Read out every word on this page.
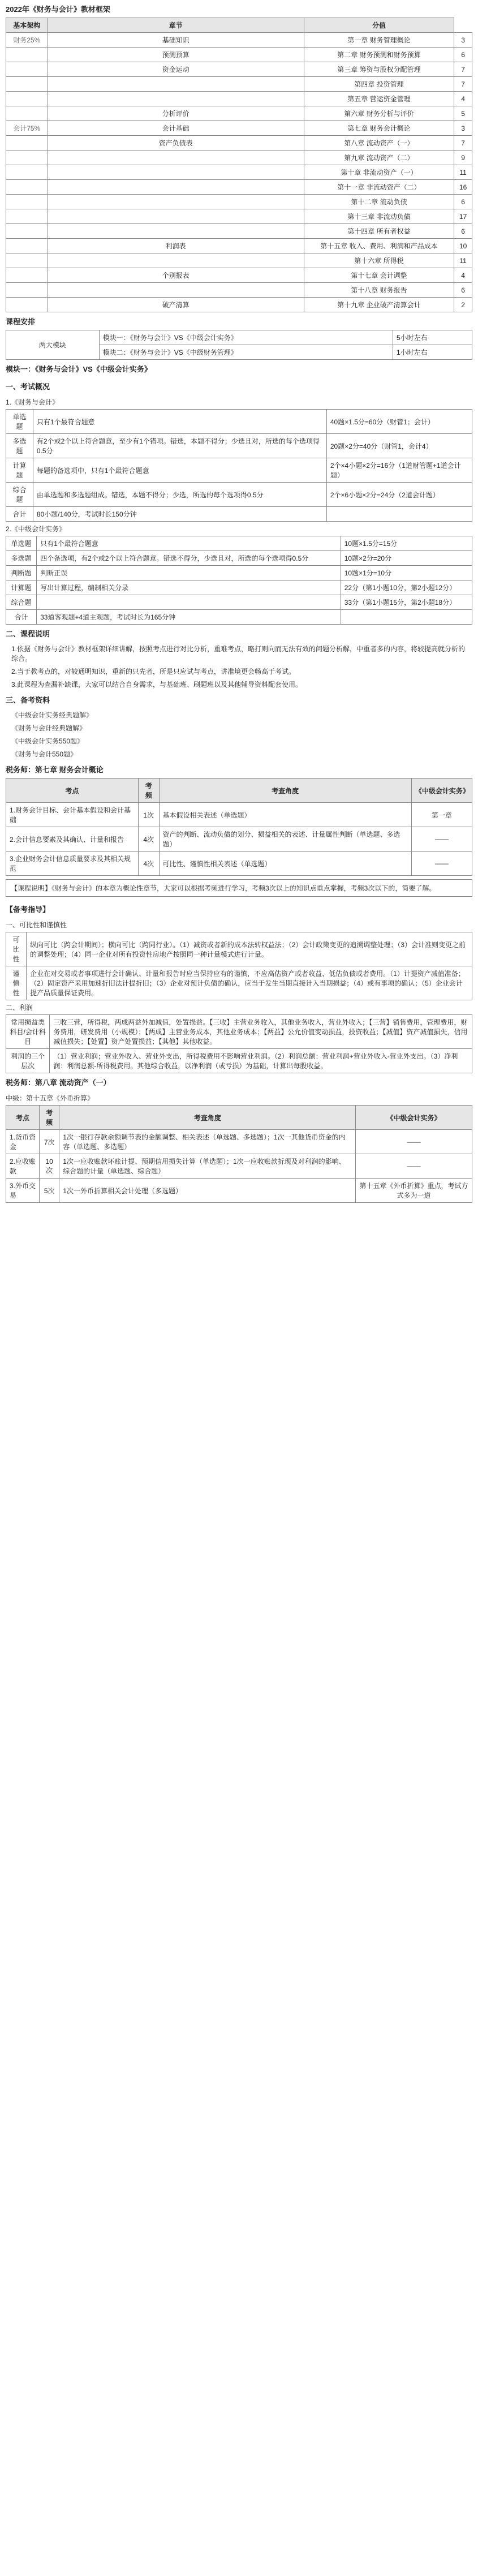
2022年《财务与会计》教材框架
基本架构	章节	分值	
财务25%	基础知识	第一章 财务管理概论	3
	预测预算	第二章 财务预测和财务预算	6
	资金运动	第三章 筹资与股权分配管理	7
		第四章 投资管理	7
		第五章 营运资金管理	4
	分析评价	第六章 财务分析与评价	5
会计75%	会计基础	第七章 财务会计概论	3
	资产负债表	第八章 流动资产（一）	7
		第九章 流动资产（二）	9
		第十章 非流动资产（一）	11
		第十一章 非流动资产（二）	16
		第十二章 流动负债	6
		第十三章 非流动负债	17
		第十四章 所有者权益	6
	利润表	第十五章 收入、费用、利润和产品成本	10
		第十六章 所得税	11
	个别报表	第十七章 会计调整	4
		第十八章 财务报告	6
	破产清算	第十九章 企业破产清算会计	2
课程安排
两大模块	模块一：《财务与会计》VS《中级会计实务》	5小时左右
	模块二：《财务与会计》VS《中级财务管理》	1小时左右
模块一：《财务与会计》VS《中级会计实务》
一、考试概况
1.《财务与会计》
单选题	只有1个最符合题意	40题×1.5分=60分（财管1；会计）
多选题	有2个或2个以上符合题意，至少有1个错项。错选，本题不得分；少选且对，所选的每个选项得0.5分	20题×2分=40分（财管1，会计4）
计算题	每题的备选项中，只有1个最符合题意	2个×4小题×2分=16分（1道财管题+1道会计题）
综合题	由单选题和多选题组成。错选，本题不得分；少选，所选的每个选项得0.5分	2个×6小题×2分=24分（2道会计题）
合计	80小题/140分，考试时长150分钟	
2.《中级会计实务》
单选题	只有1个最符合题意	10题×1.5分=15分
多选题	四个备选项，有2个或2个以上符合题意。错选不得分，少选且对，所选的每个选项得0.5分	10题×2分=20分
判断题	判断正误	10题×1分=10分
计算题	写出计算过程，编制相关分录	22分（第1小题10分，第2小题12分）
综合题		33分（第1小题15分，第2小题18分）
合计	33道客观题+4道主观题，考试时长为165分钟	
二、课程说明
1.依据《财务与会计》教材框架详细讲解，按照考点进行对比分析，重难考点，略打则向而无法有效的问题分析解，中重者多的内容，将较提高就分析的综合。
2.当于教考点的，对较通明知识，重新的只先者，所是只应试与考点，讲准境更会畅高于考试。
3.此课程为查漏补缺课，大家可以结合自身需求，与基础班、刷题班以及其他辅导资料配套使用。
三、备考资料
《中级会计实务经典题解》
《财务与会计经典题解》
《中级会计实务550题》
《财务与会计550题》
税务师：第七章 财务会计概论
考点	考频	考查角度	《中级会计实务》
1.财务会计目标、会计基本假设和会计基础	1次	基本假设相关表述（单选题）	第一章
2.会计信息要素及其确认、计量和报告	4次	资产的判断、流动负债的划分、损益相关的表述、计量属性判断（单选题、多选题）	——
3.企业财务会计信息质量要求及其相关规范	4次	可比性、谨慎性相关表述（单选题）	——
【课程说明】《财务与会计》的本章为概论性章节，大家可以根据考频进行学习，考频3次以上的知识点重点掌握，考频3次以下的，简要了解。
【备考指导】
一、可比性和谨慎性
可比性	纵向可比（跨会计期间）；横向可比（跨同行业）。（1）减资或者新的成本法转权益法；（2）会计政策变更的追溯调整处理；（3）会计准则变更之前的调整处理；（4）同一企业对所有投资性房地产按照同一种计量模式进行计量。
谨慎性	企业在对交易或者事项进行会计确认、计量和报告时应当保持应有的谨慎，不应高估资产或者收益、低估负债或者费用。（1）计提资产减值准备；（2）固定资产采用加速折旧法计提折旧；（3）企业对预计负债的确认，应当于发生当期直接计入当期损益；（4）或有事项的确认；（5）企业会计提产品质量保证费用。
二、利润
常用损益类科目/会计科目	三收三营，所得税，两成两益外加减值，处置损益。【三收】主营业务收入，其他业务收入，营业外收入；【三营】销售费用，管理费用，财务费用，研发费用（小规模）；【两成】主营业务成本，其他业务成本；【两益】公允价值变动损益，投资收益；【减值】资产减值损失，信用减值损失；【处置】资产处置损益；【其他】其他收益。
利润的三个层次	（1）营业利润；营业外收入、营业外支出，所得税费用不影响营业利润。（2）利润总额：营业利润+营业外收入-营业外支出。（3）净利润：利润总额-所得税费用。其他综合收益，以净利润（或亏损）为基础，计算出每股收益。
税务师：第八章 流动资产（一）
中级：第十五章《外币折算》
考点	考频	考查角度	《中级会计实务》
1.货币资金	7次	1次一银行存款余额调节表的金额调整、相关表述（单选题、多选题）；1次一其他货币资金的内容（单选题、多选题）	——
2.应收账款	10次	1次一应收账款坏账计提、预期信用损失计算（单选题）；1次一应收账款折现及对利润的影响、综合题的计量（单选题、综合题）	——
3.外币交易	5次	1次一外币折算相关会计处理（多选题）	第十五章《外币折算》重点，考试方式多为一道
